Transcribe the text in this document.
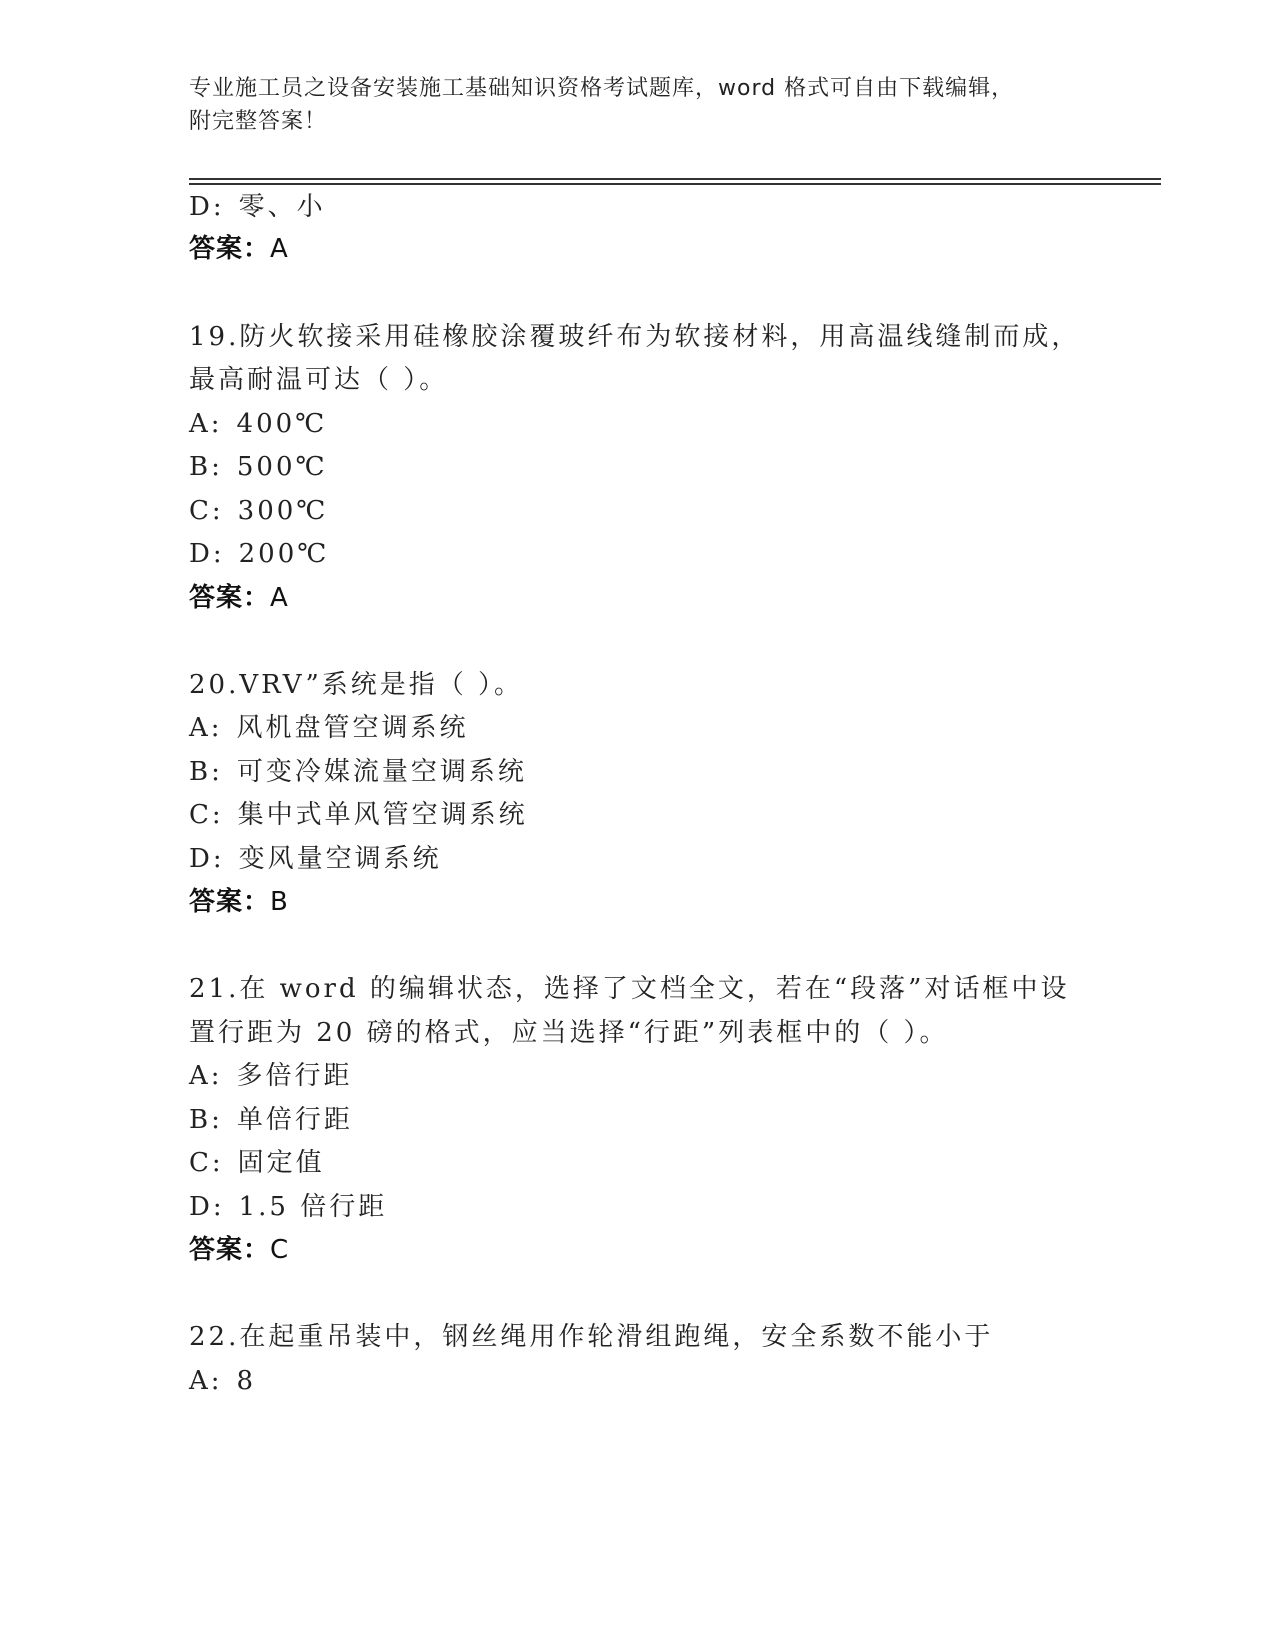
专业施工员之设备安装施工基础知识资格考试题库，word 格式可自由下载编辑，
附完整答案！
D: 零、小
答案：A
19.防火软接采用硅橡胶涂覆玻纤布为软接材料，用高温线缝制而成，
最高耐温可达（ ）。
A: 400℃
B: 500℃
C: 300℃
D: 200℃
答案：A
20.VRV”系统是指（ ）。
A: 风机盘管空调系统
B: 可变冷媒流量空调系统
C: 集中式单风管空调系统
D: 变风量空调系统
答案：B
21.在 word 的编辑状态，选择了文档全文，若在“段落”对话框中设
置行距为 20 磅的格式，应当选择“行距”列表框中的（ ）。
A: 多倍行距
B: 单倍行距
C: 固定值
D: 1.5 倍行距
答案：C
22.在起重吊装中，钢丝绳用作轮滑组跑绳，安全系数不能小于
A: 8
